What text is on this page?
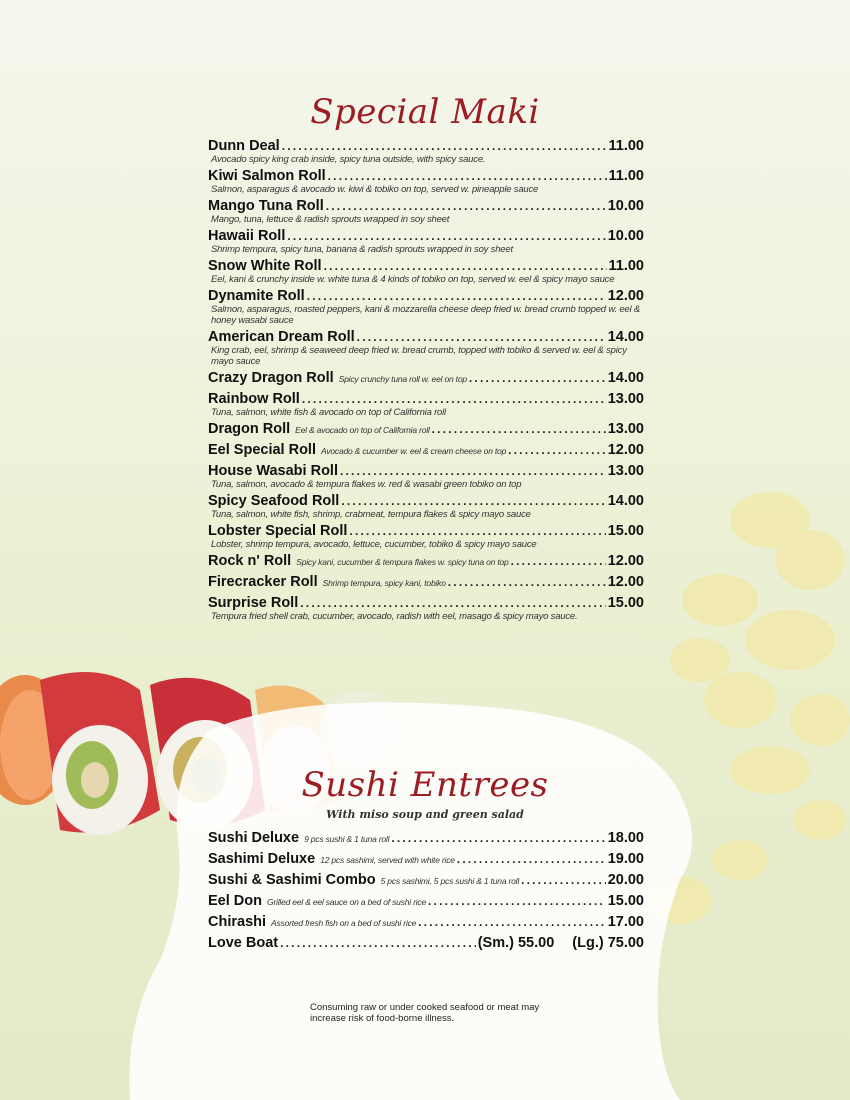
Special Maki
Dunn Deal .....	11.00
Avocado spicy king crab inside, spicy tuna outside, with spicy sauce.
Kiwi Salmon Roll .....	11.00
Salmon, asparagus & avocado w. kiwi & tobiko on top, served w. pineapple sauce
Mango Tuna Roll .....	10.00
Mango, tuna, lettuce & radish sprouts wrapped in soy sheet
Hawaii Roll .....	10.00
Shrimp tempura, spicy tuna, banana & radish sprouts wrapped in soy sheet
Snow White Roll .....	11.00
Eel, kani & crunchy inside w. white tuna & 4 kinds of tobiko on top, served w. eel & spicy mayo sauce
Dynamite Roll .....	12.00
Salmon, asparagus, roasted peppers, kani & mozzarella cheese deep fried w. bread crumb topped w. eel & honey wasabi sauce
American Dream Roll .....	14.00
King crab, eel, shrimp & seaweed deep fried w. bread crumb, topped with tobiko & served w. eel & spicy mayo sauce
Crazy Dragon Roll Spicy crunchy tuna roll w. eel on top .....	14.00
Rainbow Roll .....	13.00
Tuna, salmon, white fish & avocado on top of California roll
Dragon Roll Eel & avocado on top of California roll .....	13.00
Eel Special Roll Avocado & cucumber w. eel & cream cheese on top .....	12.00
House Wasabi Roll .....	13.00
Tuna, salmon, avocado & tempura flakes w. red & wasabi green tobiko on top
Spicy Seafood Roll .....	14.00
Tuna, salmon, white fish, shrimp, crabmeat, tempura flakes & spicy mayo sauce
Lobster Special Roll .....	15.00
Lobster, shrimp tempura, avocado, lettuce, cucumber, tobiko & spicy mayo sauce
Rock n' Roll Spicy kani, cucumber & tempura flakes w. spicy tuna on top .....	12.00
Firecracker Roll Shrimp tempura, spicy kani, tobiko .....	12.00
Surprise Roll .....	15.00
Tempura fried shell crab, cucumber, avocado, radish with eel, masago & spicy mayo sauce.
Sushi Entrees
With miso soup and green salad
Sushi Deluxe 9 pcs sushi & 1 tuna roll .....	18.00
Sashimi Deluxe 12 pcs sashimi, served with white rice .....	19.00
Sushi & Sashimi Combo 5 pcs sashimi, 5 pcs sushi & 1 tuna roll .....	20.00
Eel Don Grilled eel & eel sauce on a bed of sushi rice .....	15.00
Chirashi Assorted fresh fish on a bed of sushi rice .....	17.00
Love Boat .....	(Sm.) 55.00 (Lg.) 75.00
Consuming raw or under cooked seafood or meat may increase risk of food-borne illness.
